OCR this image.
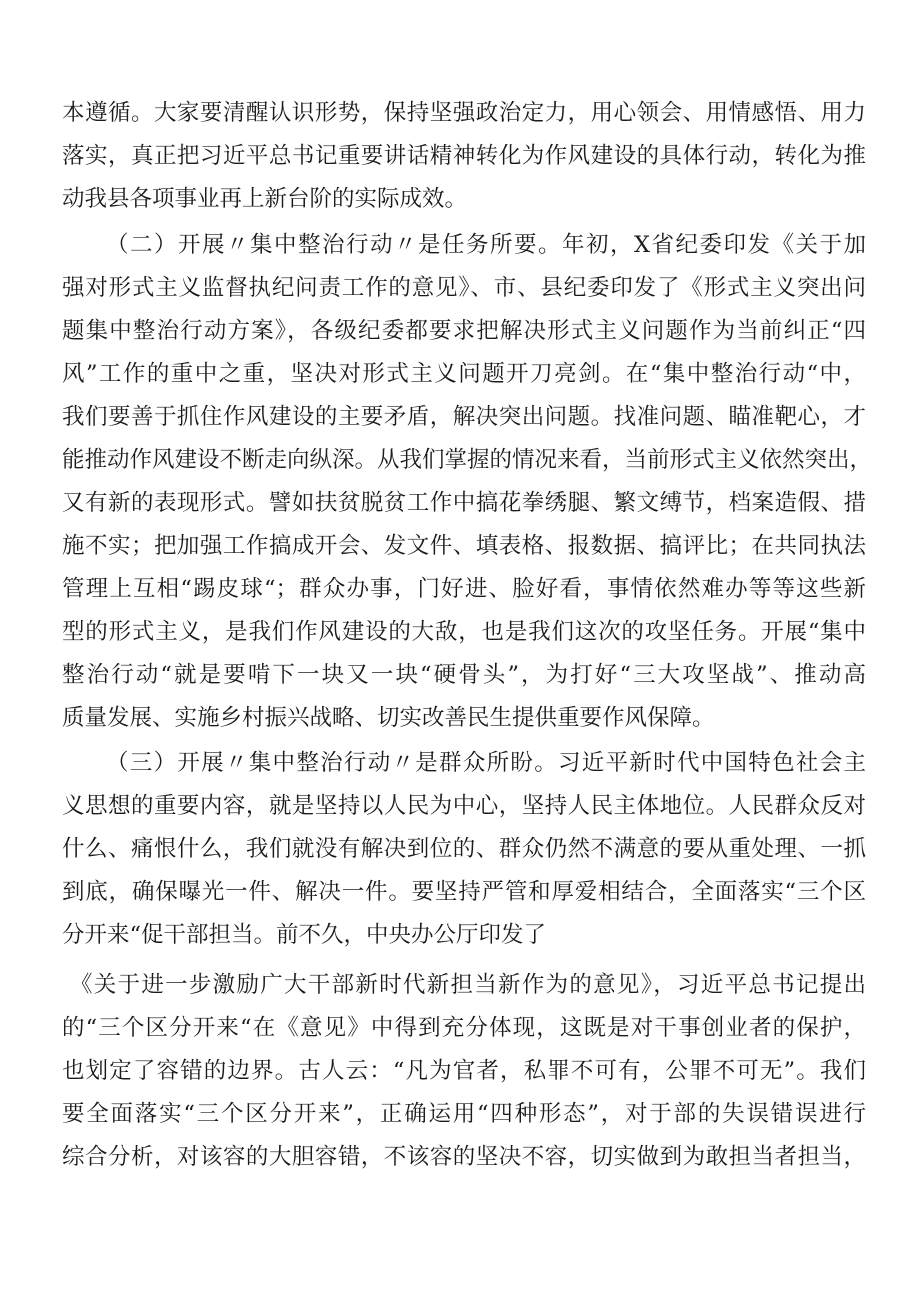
本遵循。大家要清醒认识形势，保持坚强政治定力，用心领会、用情感悟、用力
落实，真正把习近平总书记重要讲话精神转化为作风建设的具体行动，转化为推
动我县各项事业再上新台阶的实际成效。
（二）开展〃集中整治行动〃是任务所要。年初，X省纪委印发《关于加
强对形式主义监督执纪问责工作的意见》、市、县纪委印发了《形式主义突出问
题集中整治行动方案》，各级纪委都要求把解决形式主义问题作为当前纠正“四
风”工作的重中之重，坚决对形式主义问题开刀亮剑。在“集中整治行动“中，
我们要善于抓住作风建设的主要矛盾，解决突出问题。找准问题、瞄准靶心，才
能推动作风建设不断走向纵深。从我们掌握的情况来看，当前形式主义依然突出，
又有新的表现形式。譬如扶贫脱贫工作中搞花拳绣腿、繁文缚节，档案造假、措
施不实；把加强工作搞成开会、发文件、填表格、报数据、搞评比；在共同执法
管理上互相“踢皮球“；群众办事，门好进、脸好看，事情依然难办等等这些新
型的形式主义，是我们作风建设的大敌，也是我们这次的攻坚任务。开展“集中
整治行动“就是要啃下一块又一块“硬骨头”，为打好“三大攻坚战”、推动高
质量发展、实施乡村振兴战略、切实改善民生提供重要作风保障。
（三）开展〃集中整治行动〃是群众所盼。习近平新时代中国特色社会主
义思想的重要内容，就是坚持以人民为中心，坚持人民主体地位。人民群众反对
什么、痛恨什么，我们就没有解决到位的、群众仍然不满意的要从重处理、一抓
到底，确保曝光一件、解决一件。要坚持严管和厚爱相结合，全面落实“三个区
分开来“促干部担当。前不久，中央办公厅印发了
《关于进一步激励广大干部新时代新担当新作为的意见》，习近平总书记提出
的“三个区分开来“在《意见》中得到充分体现，这既是对干事创业者的保护，
也划定了容错的边界。古人云：“凡为官者，私罪不可有，公罪不可无”。我们
要全面落实“三个区分开来”，正确运用“四种形态”，对于部的失误错误进行
综合分析，对该容的大胆容错，不该容的坚决不容，切实做到为敢担当者担当，
